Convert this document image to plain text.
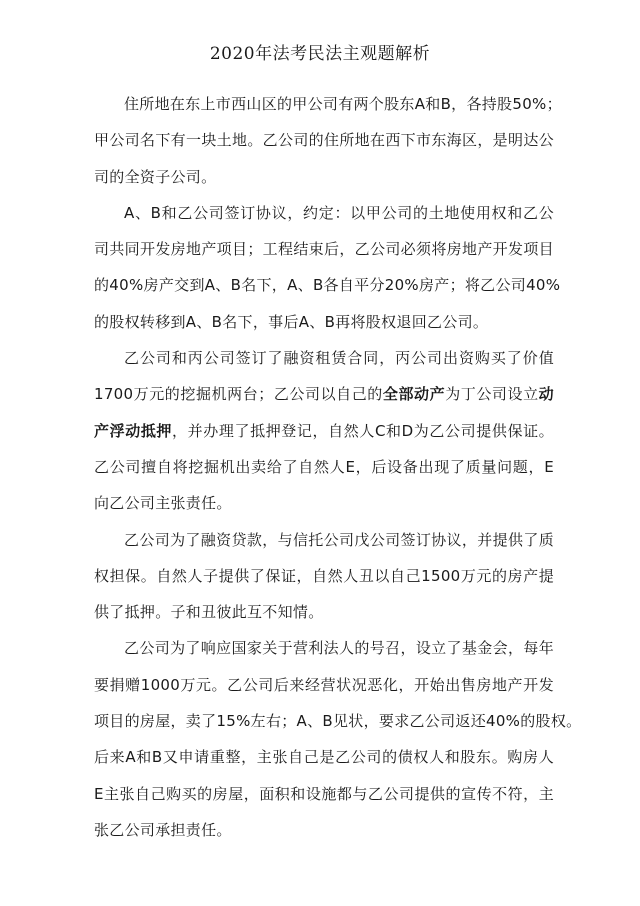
2020年法考民法主观题解析
住所地在东上市西山区的甲公司有两个股东A和B，各持股50%；
甲公司名下有一块土地。乙公司的住所地在西下市东海区，是明达公
司的全资子公司。
A、B和乙公司签订协议，约定：以甲公司的土地使用权和乙公
司共同开发房地产项目；工程结束后，乙公司必须将房地产开发项目
的40%房产交到A、B名下，A、B各自平分20%房产；将乙公司40%
的股权转移到A、B名下，事后A、B再将股权退回乙公司。
乙公司和丙公司签订了融资租赁合同，丙公司出资购买了价值
1700万元的挖掘机两台；乙公司以自己的全部动产为丁公司设立动
产浮动抵押，并办理了抵押登记，自然人C和D为乙公司提供保证。
乙公司擅自将挖掘机出卖给了自然人E，后设备出现了质量问题，E
向乙公司主张责任。
乙公司为了融资贷款，与信托公司戊公司签订协议，并提供了质
权担保。自然人子提供了保证，自然人丑以自己1500万元的房产提
供了抵押。子和丑彼此互不知情。
乙公司为了响应国家关于营利法人的号召，设立了基金会，每年
要捐赠1000万元。乙公司后来经营状况恶化，开始出售房地产开发
项目的房屋，卖了15%左右；A、B见状，要求乙公司返还40%的股权。
后来A和B又申请重整，主张自己是乙公司的债权人和股东。购房人
E主张自己购买的房屋，面积和设施都与乙公司提供的宣传不符，主
张乙公司承担责任。
